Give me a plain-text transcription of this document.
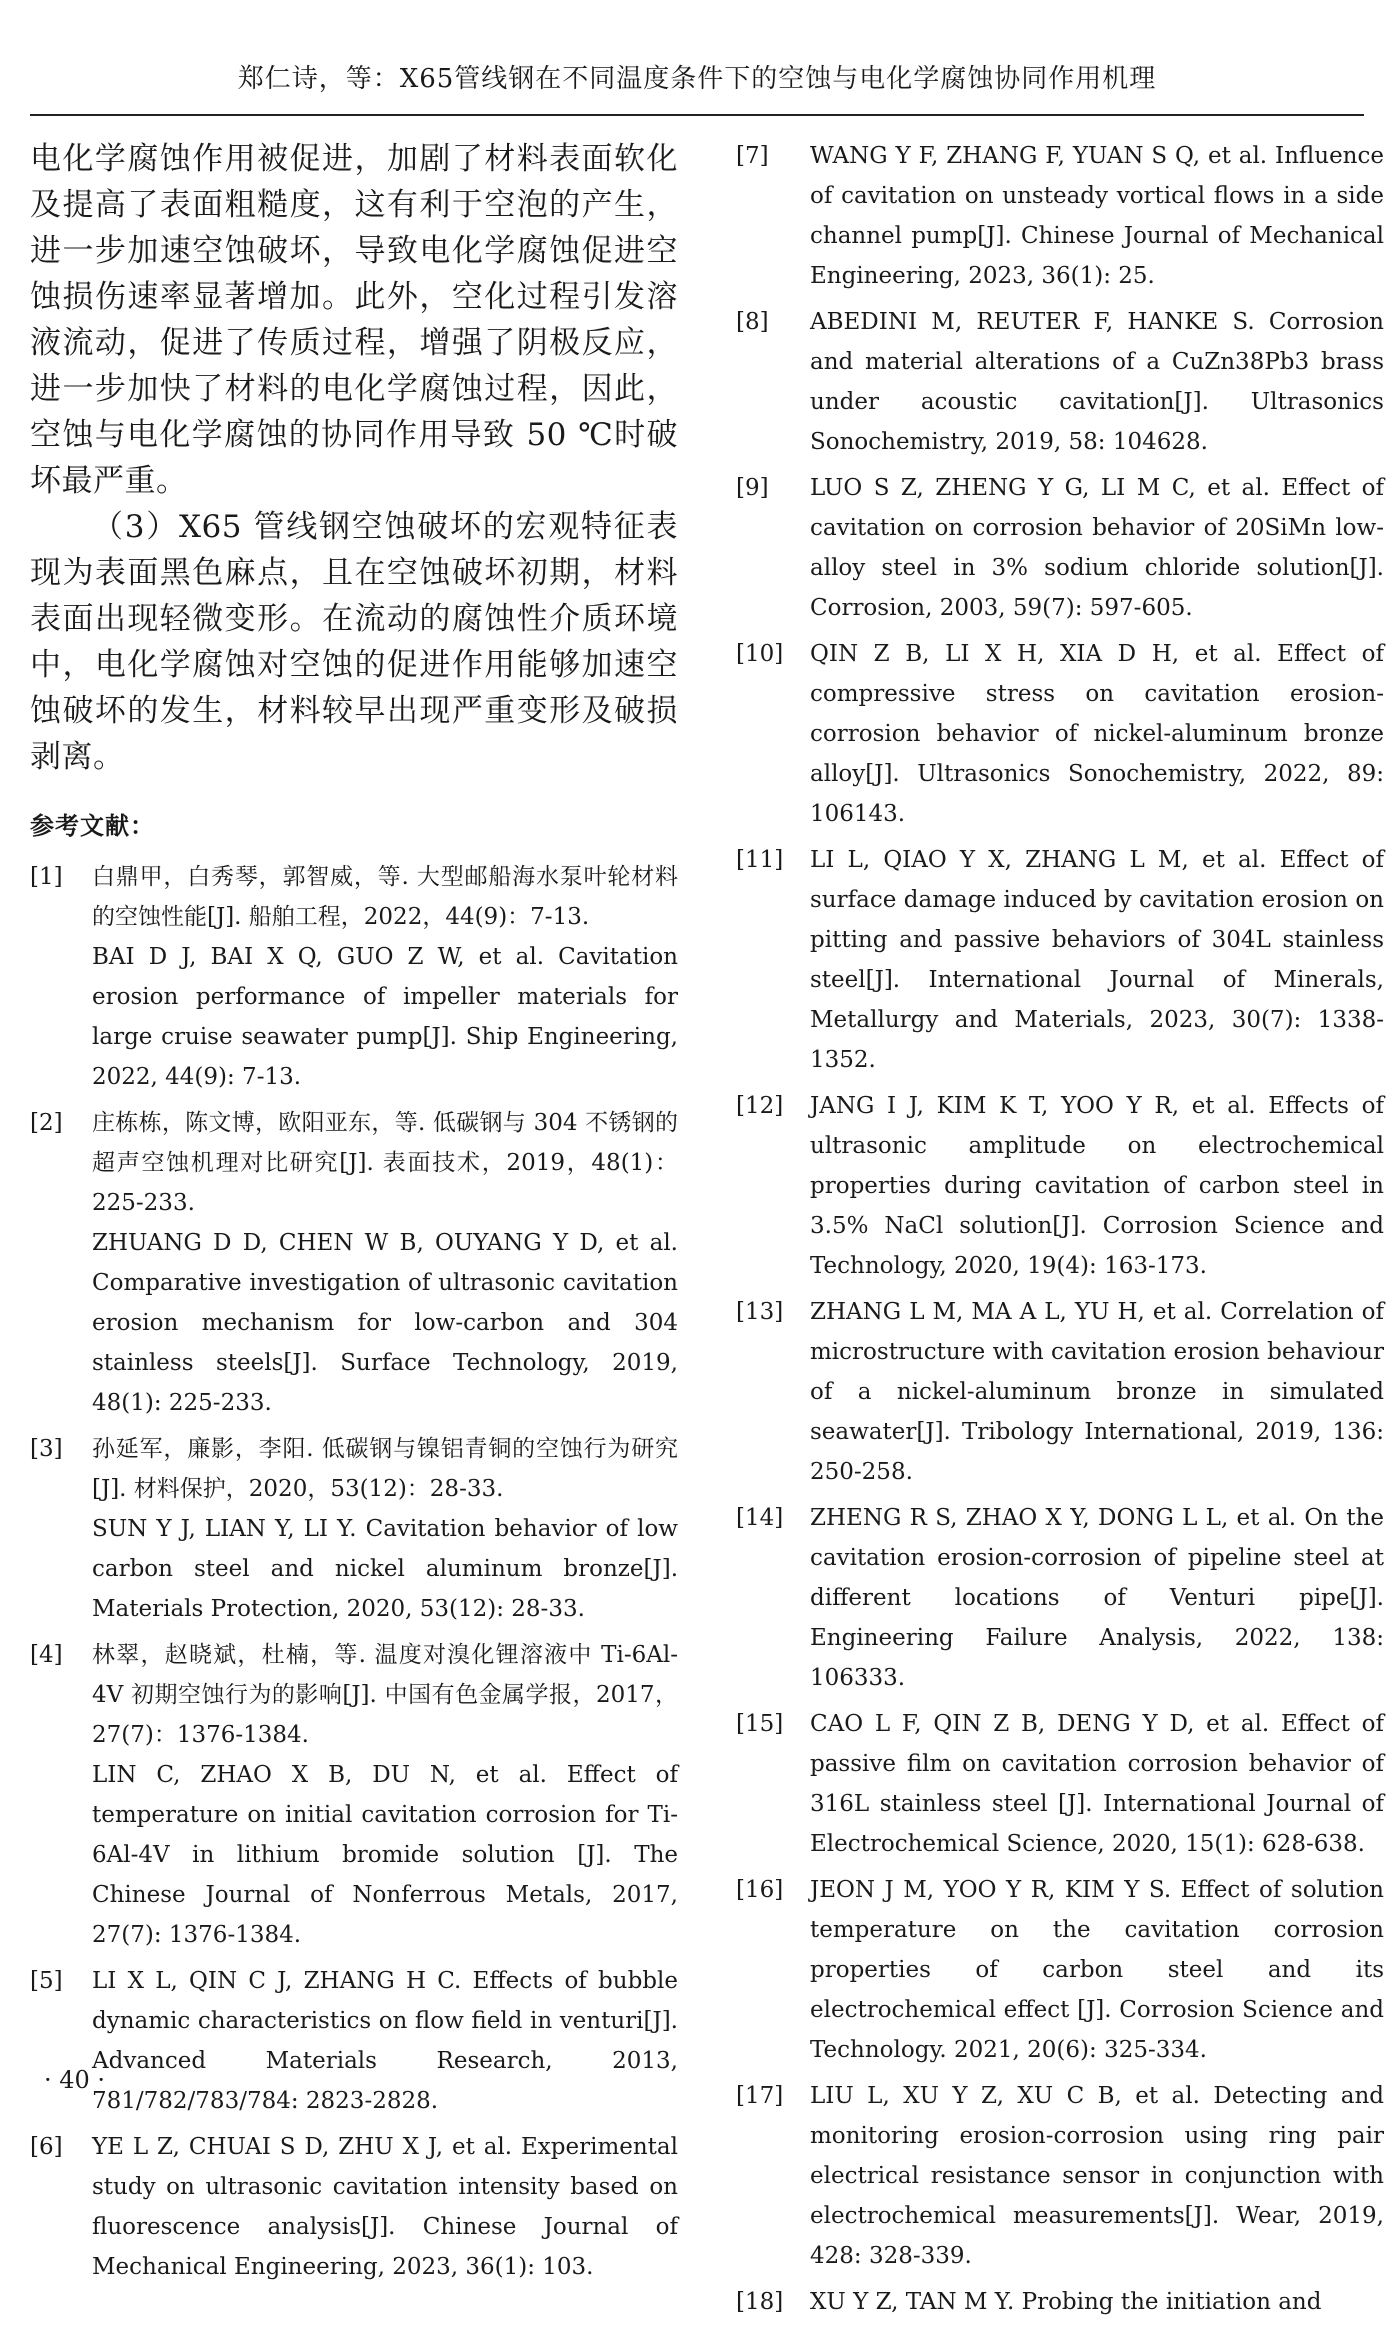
郑仁诗，等：X65管线钢在不同温度条件下的空蚀与电化学腐蚀协同作用机理

电化学腐蚀作用被促进，加剧了材料表面软化及提高了表面粗糙度，这有利于空泡的产生，进一步加速空蚀破坏，导致电化学腐蚀促进空蚀损伤速率显著增加。此外，空化过程引发溶液流动，促进了传质过程，增强了阴极反应，进一步加快了材料的电化学腐蚀过程，因此，空蚀与电化学腐蚀的协同作用导致 50 ℃时破坏最严重。

（3）X65 管线钢空蚀破坏的宏观特征表现为表面黑色麻点，且在空蚀破坏初期，材料表面出现轻微变形。在流动的腐蚀性介质环境中，电化学腐蚀对空蚀的促进作用能够加速空蚀破坏的发生，材料较早出现严重变形及破损剥离。

参考文献：
[1] 白鼎甲，白秀琴，郭智威，等. 大型邮船海水泵叶轮材料的空蚀性能[J]. 船舶工程，2022，44(9)：7-13.
BAI D J, BAI X Q, GUO Z W, et al. Cavitation erosion performance of impeller materials for large cruise seawater pump[J]. Ship Engineering, 2022, 44(9): 7-13.
[2] 庄栋栋，陈文博，欧阳亚东，等. 低碳钢与 304 不锈钢的超声空蚀机理对比研究[J]. 表面技术，2019，48(1)：225-233.
ZHUANG D D, CHEN W B, OUYANG Y D, et al. Comparative investigation of ultrasonic cavitation erosion mechanism for low-carbon and 304 stainless steels[J]. Surface Technology, 2019, 48(1): 225-233.
[3] 孙延军，廉影，李阳. 低碳钢与镍铝青铜的空蚀行为研究[J]. 材料保护，2020，53(12)：28-33.
SUN Y J, LIAN Y, LI Y. Cavitation behavior of low carbon steel and nickel aluminum bronze[J]. Materials Protection, 2020, 53(12): 28-33.
[4] 林翠，赵晓斌，杜楠，等. 温度对溴化锂溶液中 Ti-6Al-4V 初期空蚀行为的影响[J]. 中国有色金属学报，2017，27(7)：1376-1384.
LIN C, ZHAO X B, DU N, et al. Effect of temperature on initial cavitation corrosion for Ti-6Al-4V in lithium bromide solution [J]. The Chinese Journal of Nonferrous Metals, 2017, 27(7): 1376-1384.
[5] LI X L, QIN C J, ZHANG H C. Effects of bubble dynamic characteristics on flow field in venturi[J]. Advanced Materials Research, 2013, 781/782/783/784: 2823-2828.
[6] YE L Z, CHUAI S D, ZHU X J, et al. Experimental study on ultrasonic cavitation intensity based on fluorescence analysis[J]. Chinese Journal of Mechanical Engineering, 2023, 36(1): 103.
[7] WANG Y F, ZHANG F, YUAN S Q, et al. Influence of cavitation on unsteady vortical flows in a side channel pump[J]. Chinese Journal of Mechanical Engineering, 2023, 36(1): 25.
[8] ABEDINI M, REUTER F, HANKE S. Corrosion and material alterations of a CuZn38Pb3 brass under acoustic cavitation[J]. Ultrasonics Sonochemistry, 2019, 58: 104628.
[9] LUO S Z, ZHENG Y G, LI M C, et al. Effect of cavitation on corrosion behavior of 20SiMn low-alloy steel in 3% sodium chloride solution[J]. Corrosion, 2003, 59(7): 597-605.
[10] QIN Z B, LI X H, XIA D H, et al. Effect of compressive stress on cavitation erosion-corrosion behavior of nickel-aluminum bronze alloy[J]. Ultrasonics Sonochemistry, 2022, 89: 106143.
[11] LI L, QIAO Y X, ZHANG L M, et al. Effect of surface damage induced by cavitation erosion on pitting and passive behaviors of 304L stainless steel[J]. International Journal of Minerals, Metallurgy and Materials, 2023, 30(7): 1338-1352.
[12] JANG I J, KIM K T, YOO Y R, et al. Effects of ultrasonic amplitude on electrochemical properties during cavitation of carbon steel in 3.5% NaCl solution[J]. Corrosion Science and Technology, 2020, 19(4): 163-173.
[13] ZHANG L M, MA A L, YU H, et al. Correlation of microstructure with cavitation erosion behaviour of a nickel-aluminum bronze in simulated seawater[J]. Tribology International, 2019, 136: 250-258.
[14] ZHENG R S, ZHAO X Y, DONG L L, et al. On the cavitation erosion-corrosion of pipeline steel at different locations of Venturi pipe[J]. Engineering Failure Analysis, 2022, 138: 106333.
[15] CAO L F, QIN Z B, DENG Y D, et al. Effect of passive film on cavitation corrosion behavior of 316L stainless steel [J]. International Journal of Electrochemical Science, 2020, 15(1): 628-638.
[16] JEON J M, YOO Y R, KIM Y S. Effect of solution temperature on the cavitation corrosion properties of carbon steel and its electrochemical effect [J]. Corrosion Science and Technology. 2021, 20(6): 325-334.
[17] LIU L, XU Y Z, XU C B, et al. Detecting and monitoring erosion-corrosion using ring pair electrical resistance sensor in conjunction with electrochemical measurements[J]. Wear, 2019, 428: 328-339.
[18] XU Y Z, TAN M Y. Probing the initiation and
· 40 ·
